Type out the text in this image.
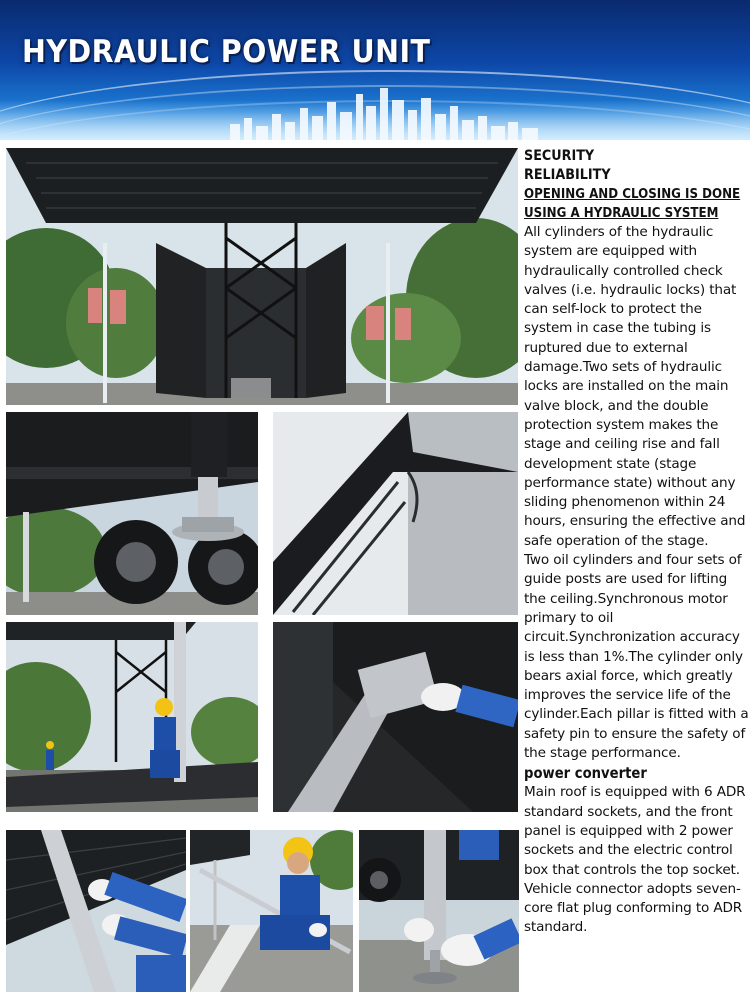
HYDRAULIC POWER UNIT
SECURITY
RELIABILITY
OPENING AND CLOSING IS DONE
USING A HYDRAULIC SYSTEM

All cylinders of the hydraulic system are equipped with hydraulically controlled check valves (i.e. hydraulic locks) that can self-lock to protect the system in case the tubing is ruptured due to external damage.Two sets of hydraulic locks are installed on the main valve block, and the double protection system makes the stage and ceiling rise and fall development state (stage performance state) without any sliding phenomenon within 24 hours, ensuring the effective and safe operation of the stage.

Two oil cylinders and four sets of guide posts are used for lifting the ceiling.Synchronous motor primary to oil circuit.Synchronization accuracy is less than 1%.The cylinder only bears axial force, which greatly improves the service life of the cylinder.Each pillar is fitted with a safety pin to ensure the safety of the stage performance.

power converter

Main roof is equipped with 6 ADR standard sockets, and the front panel is equipped with 2 power sockets and the electric control box that controls the top socket.

Vehicle connector adopts seven-core flat plug conforming to ADR standard.
